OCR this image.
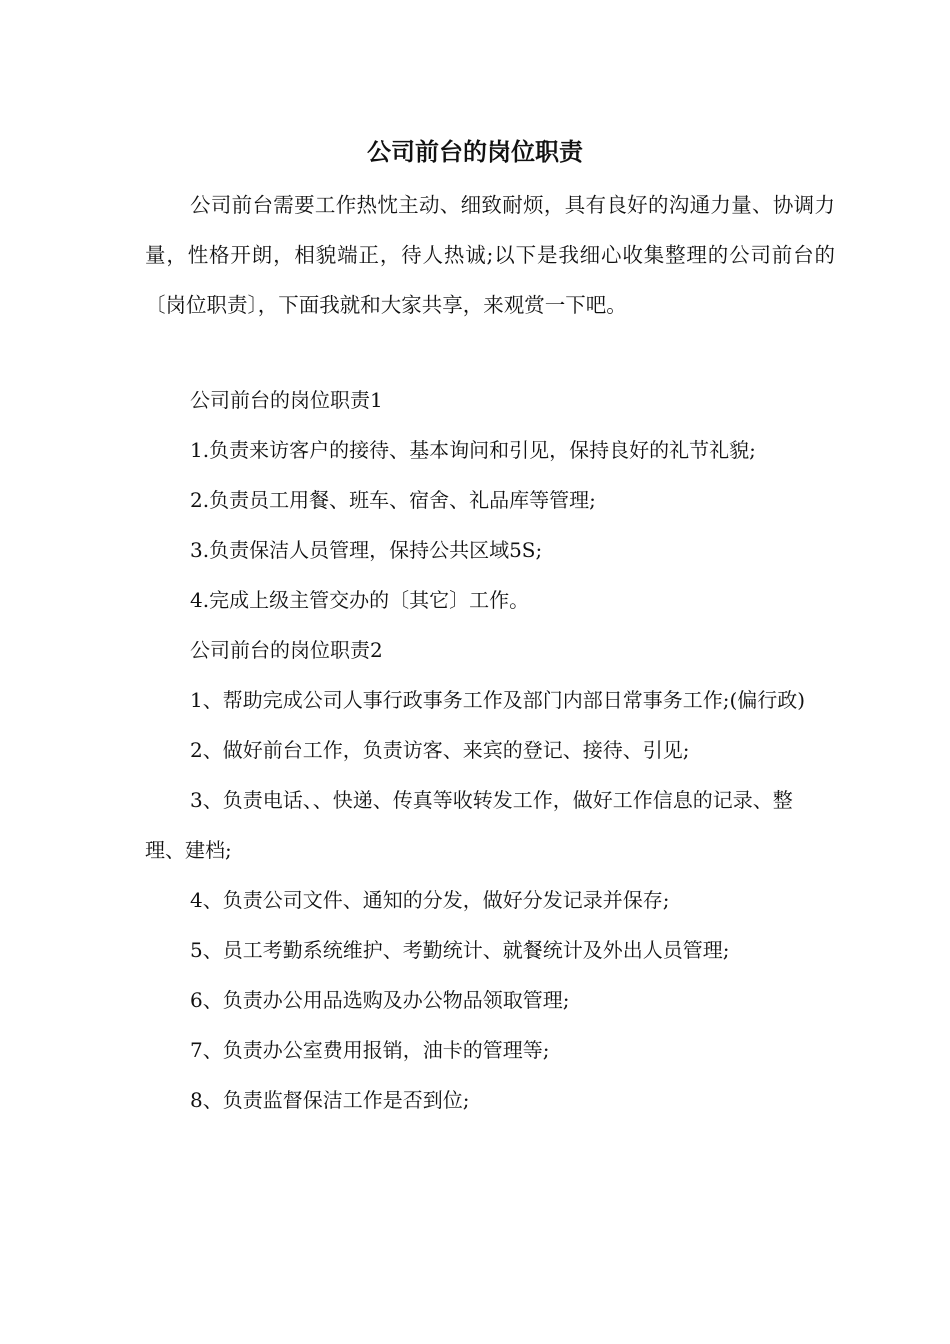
公司前台的岗位职责

公司前台需要工作热忱主动、细致耐烦，具有良好的沟通力量、协调力量，性格开朗，相貌端正，待人热诚;以下是我细心收集整理的公司前台的〔岗位职责〕，下面我就和大家共享，来观赏一下吧。

公司前台的岗位职责1

1.负责来访客户的接待、基本询问和引见，保持良好的礼节礼貌;

2.负责员工用餐、班车、宿舍、礼品库等管理;

3.负责保洁人员管理，保持公共区域5S;

4.完成上级主管交办的〔其它〕工作。

公司前台的岗位职责2

1、帮助完成公司人事行政事务工作及部门内部日常事务工作;(偏行政)

2、做好前台工作，负责访客、来宾的登记、接待、引见;

3、负责电话、、快递、传真等收转发工作，做好工作信息的记录、整理、建档;

4、负责公司文件、通知的分发，做好分发记录并保存;

5、员工考勤系统维护、考勤统计、就餐统计及外出人员管理;

6、负责办公用品选购及办公物品领取管理;

7、负责办公室费用报销，油卡的管理等;

8、负责监督保洁工作是否到位;
